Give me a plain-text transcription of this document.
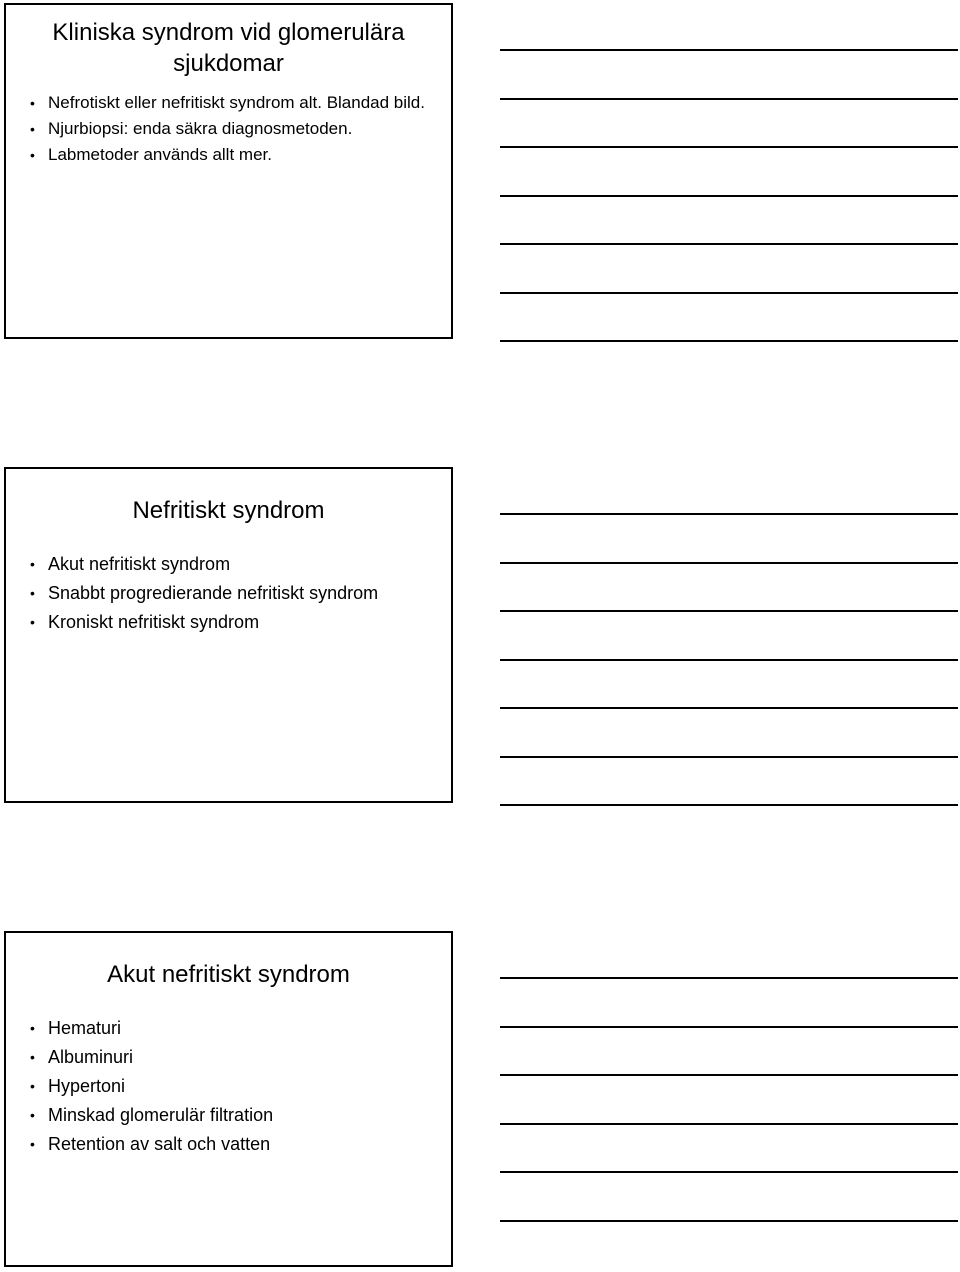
Kliniska syndrom vid glomerulära sjukdomar
• Nefrotiskt eller nefritiskt syndrom alt. Blandad bild.
• Njurbiopsi: enda säkra diagnosmetoden.
• Labmetoder används allt mer.
Nefritiskt syndrom
• Akut nefritiskt syndrom
• Snabbt progredierande nefritiskt syndrom
• Kroniskt nefritiskt syndrom
Akut nefritiskt syndrom
• Hematuri
• Albuminuri
• Hypertoni
• Minskad glomerulär filtration
• Retention av salt och vatten
